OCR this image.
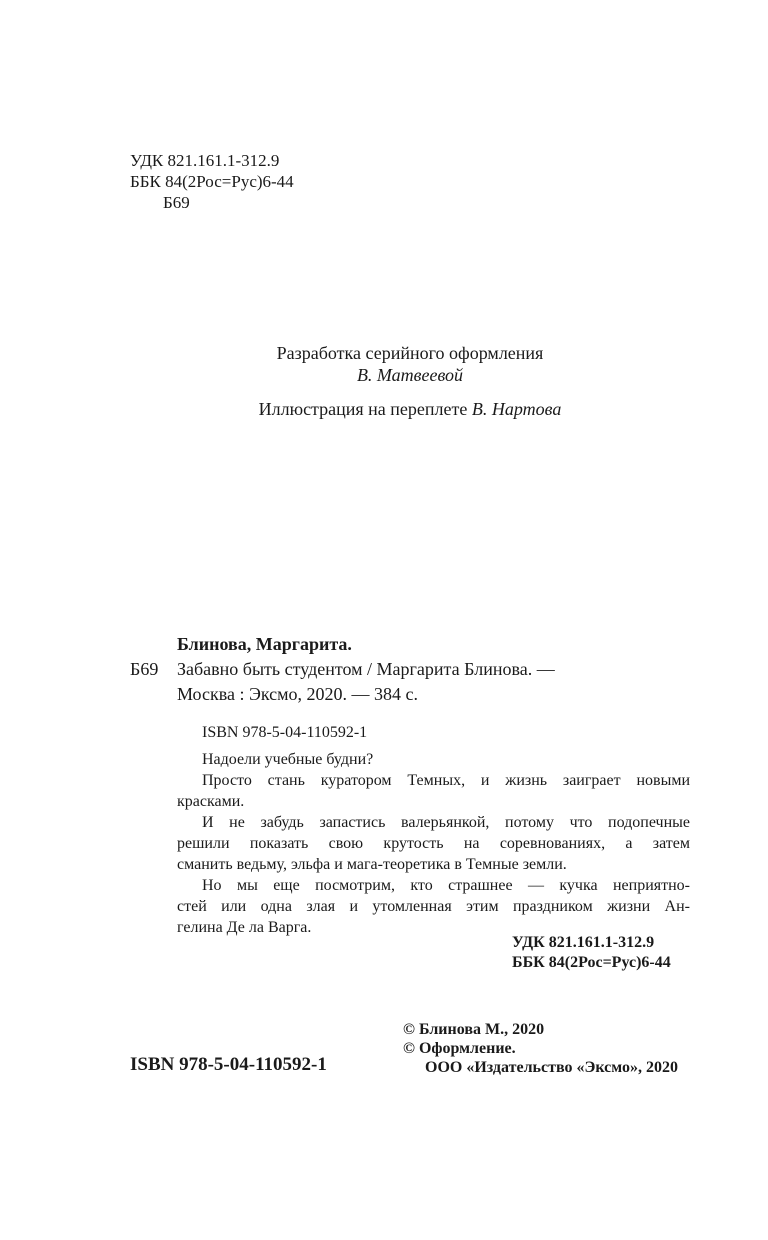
УДК 821.161.1-312.9
ББК 84(2Рос=Рус)6-44
Б69
Разработка серийного оформления
В. Матвеевой
Иллюстрация на переплете В. Нартова
Блинова, Маргарита.
Б69 Забавно быть студентом / Маргарита Блинова. —
Москва : Эксмо, 2020. — 384 с.
ISBN 978-5-04-110592-1
Надоели учебные будни?
Просто стань куратором Темных, и жизнь заиграет новыми
красками.
И не забудь запастись валерьянкой, потому что подопечные
решили показать свою крутость на соревнованиях, а затем
сманить ведьму, эльфа и мага-теоретика в Темные земли.
Но мы еще посмотрим, кто страшнее — кучка неприятно-
стей или одна злая и утомленная этим праздником жизни Ан-
гелина Де ла Варга.
УДК 821.161.1-312.9
ББК 84(2Рос=Рус)6-44
© Блинова М., 2020
© Оформление.
ООО «Издательство «Эксмо», 2020
ISBN 978-5-04-110592-1
